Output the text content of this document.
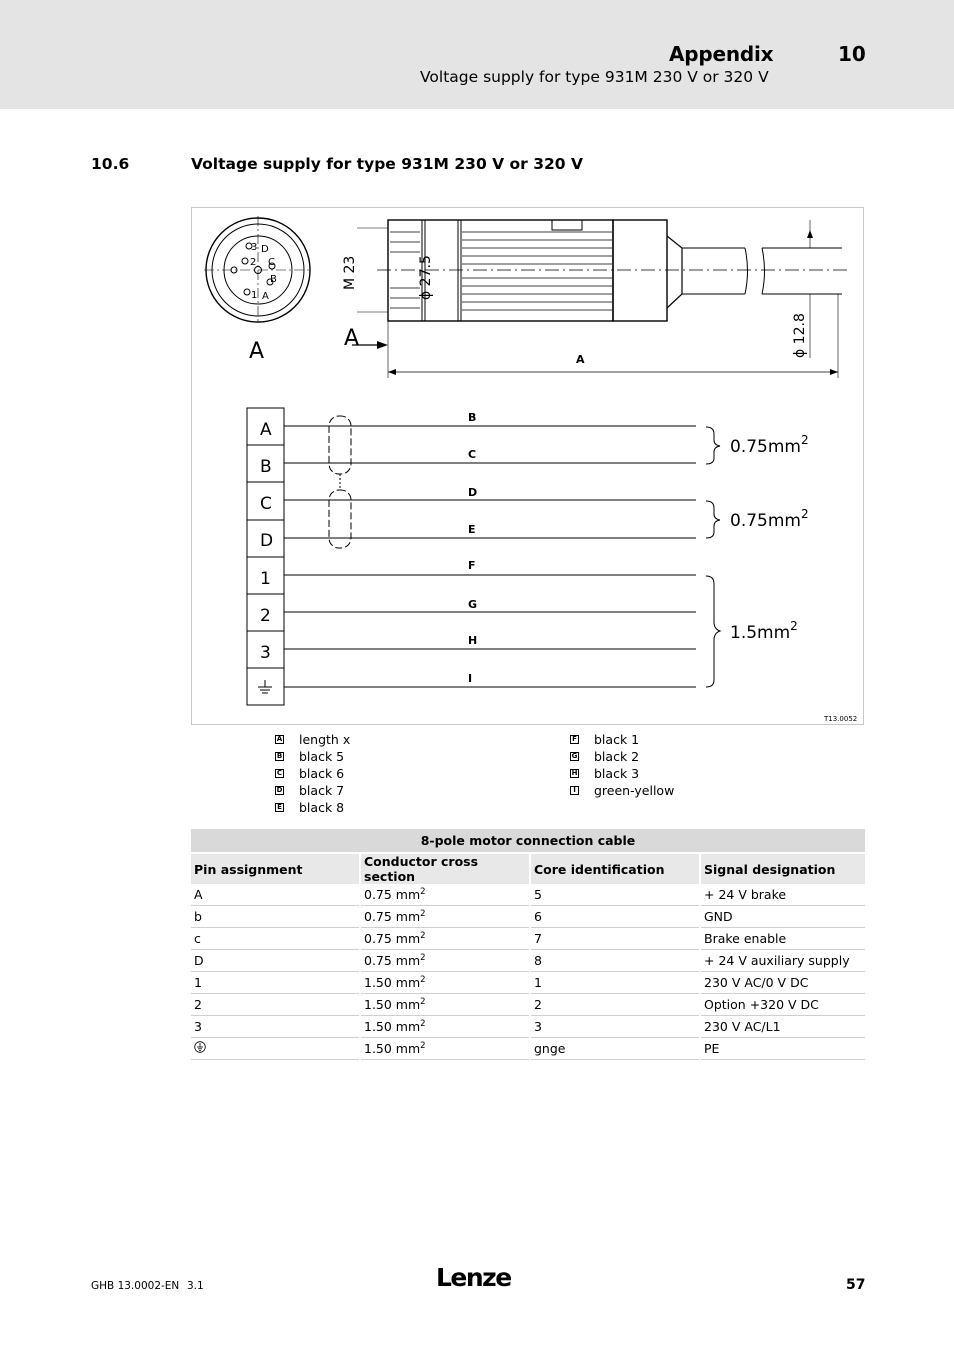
Appendix	10
Voltage supply for type 931M 230 V or 320 V
10.6	Voltage supply for type 931M 230 V or 320 V
3 D
2 C
B
1 A
A
A
M 23	ϕ 27.5
ϕ 12.8
A
A
B
C
D
1
2
3
B
C
D
E
F
G
H
I
$0.75mm^2$
$0.75mm^2$
$1.5mm^2$
T13.0052
A length x
B black 5
C black 6
D black 7
E black 8
F black 1
G black 2
H black 3
I green-yellow
8-pole motor connection cable			
Pin assignment	Conductor cross section	Core identification	Signal designation
A	0.75 $mm^2$	5	+ 24 V brake
b	0.75 $mm^2$	6	GND
c	0.75 $mm^2$	7	Brake enable
D	0.75 $mm^2$	8	+ 24 V auxiliary supply
1	1.50 $mm^2$	1	230 V AC/0 V DC
2	1.50 $mm^2$	2	Option +320 V DC
3	1.50 $mm^2$	3	230 V AC/L1
	1.50 $mm^2$	gnge	PE
GHB 13.0002-EN 3.1	Lenze	57
